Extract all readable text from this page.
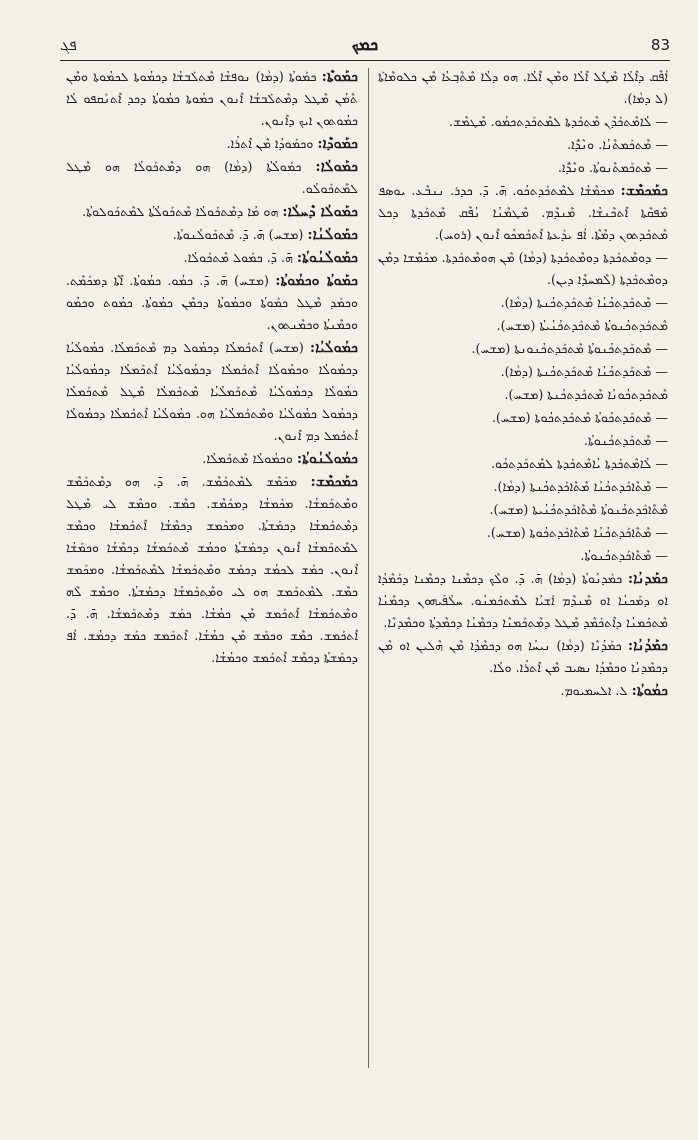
ܦܓ	ܟܡܟ	83
ܐܳܦܶܩ ܕܐܶܠܳܐ ܡܶܛܽܠ ܐܶܠܳܐ ܘܡܶܢ ܐܶܠܳܐ. ܗܘ ܕܠܳܐ ܡܶܬܶܒ݂ܥܳܐ ܡܶܢ ܟܠܘܡܶܐܬܰܐ (ܠ ܕܡܵܐ).
— ܠܳܐܡܶܬܟܰܕܶܢ ܡܶܬܟܰܕܬܐ ܠܡܶܬܟܰܕܬܟܡܳܘ. ܡܶܛܡܶܫ.
— ܡܶܬܟܰܡܬܶܢܳܐ. ܘܢܶܕ̈ܳܐ.
— ܡܶܬܟܰܡܬܶܢܘܬܳܐ. ܘܢܶܕ̈ܳܐ.
ܟܡܰܟܡܶܫ: ܡܟܡܶܫܳܐ ܠܡܶܬܟܰܕܬܟܳܘ. ܗ̄. ܕ̄. ܟܕܪ. ܢܢܒܶܥ. ܝܘܣܦ ܡܶܦܩܶܬܐ ܐܶܬܟܶܢܫܳܐ. ܡܶܢܕܶܡ. ܡܶܛܡܶܢܳܐ ܢܳܦܶܩ ܡܶܬܟܰܕܬܐ ܕܟܠ ܡܶܬܟܰܕܬܘܢ ܕܡܶܬܶܐ. ܐܳܦ ܝܕܰܥܬܐ ܐܶܬܟܰܡܟܳܘ ܐܶܢܘܢ (ܪܘܚ).
— ܕܘܡܶܬܟܰܕܬܐ ܕܘܡܶܬܟܰܕܬܐ (ܕܡܵܐ) ܡܶܢ ܗܘܡܶܬܟܰܕܬܐ. ܡܟܰܡܶܫܐ ܕܡܶܢ ܕܘܡܶܬܟܰܕܬܐ (ܠܶܡܚܕܶܐ ܕܝܢ).
— ܡܶܬܟܰܕܬܟܳܢܳܐ ܡܶܬܟܰܕܬܟܳܢܬܐ (ܕܡܵܐ).
ܡܶܬܟܰܕܬܟܳܢܘܬܳܐ ܡܶܬܟܰܕܬܟܳܢܳܝܬܳܐ (ܡܫܚ).
— ܡܶܬܟܰܕܬܟܳܢܘܬܳܐ ܡܶܬܟܰܕܬܟܳܢܘܢܬܐ (ܡܫܚ).
— ܡܶܬܟܰܕܬܟܳܢܳܐ ܡܶܬܟܰܕܬܟܳܢܬܐ (ܕܡܵܐ).
ܡܶܬܟܰܕܬܟܳܘܢܳܐ ܡܶܬܟܰܕܬܟܳܢܬܐ (ܡܫܚ).
— ܡܶܬܟܰܕܬܟܳܘܬܳܐ ܡܶܬܟܰܕܬܟܳܘܬܐ (ܡܫܚ).
— ܡܶܬܟܰܕܬܟܳܢܘܬܳܐ.
— ܠܳܐܡܶܬܟܰܕܬܐ ܝܳܐܡܶܬܟܰܕܬܐ ܠܡܶܬܟܰܕܬܟܳܘ.
— ܡܶܬܶܐܟܰܕܬܟܳܢܳܐ ܡܶܬܶܐܟܰܕܬܟܳܢܬܐ (ܕܡܵܐ).
ܡܶܬܶܐܟܰܕܬܟܳܢܘܬܳܐ ܡܶܬܶܐܟܰܕܬܟܳܢܳܝܬܐ (ܡܫܚ).
— ܡܶܬܶܐܟܰܕܬܟܳܢܳܐ ܡܶܬܶܐܟܰܕܬܟܳܘܬܐ (ܡܫܚ).
— ܡܶܬܶܐܟܰܕܬܟܳܢܘܬܳܐ.
ܟܡܰܕܢܳܐ: ܟܡܰܕܢܳܘܬܳܐ (ܕܡܵܐ) ܗ̄. ܕ̄. ܘܠܶܟ ܕܟܡܶܢܐ ܕܟܡܶܢܐ ܕܟܰܡܶܕܳܐ ܐܘ ܕܡܰܟܢܳܐ ܐܘ ܡܶܢܕܶܡ ܐܰܫܝܳܐ ܠܡܶܬܟܰܡܢܳܘ. ܚܠܳܦܰܝܗܘܢ ܕܟܡܶܢܳܐ ܡܶܬܟܰܡܢܳܐ ܕܐܶܬܟܰܡܶܕ ܡܶܛܠ ܕܡܶܬܟܰܡܢܶܐ ܕܟܡܶܢܳܐ ܕܟܡܶܕܬܳܐ ܘܟܡܶܕܢܶܐ.
ܟܡܰܕܳܢܳܐ: ܟܡܰܕܳܢܶܐ (ܕܡܵܐ) ܢܝܚܳܐ ܗܘ ܕܟܡܶܕܳܐ ܡܶܢ ܗܶܠܝܢ ܐܘ ܡܶܢ ܕܟܡܶܕܢܳܐ ܘܟܡܶܕܳܐ ܢܣܝܒ ܡܶܢ ܐܶܬܪܳܐ. ܘܠܳܐ.
ܟܡܳܘܬܳܐ: ܠ. ܐܠܚܡܝܘܡ.
ܟܡܰܘܬܶܐ: ܟܡܰܘܬܳܐ (ܕܡܵܐ) ܢܘܦܫܳܐ ܡܶܬܠܰܒܫܳܐ ܕܟܡܳܘܬܐ ܠܟܡܳܘܬܐ ܘܡܶܢ ܬܶܡܳܢ ܡܶܛܠ ܕܡܶܬܠܰܒܫܳܐ ܐܶܢܘܢ ܟܡܳܘܬܐ ܟܡܳܘܬܳܐ ܕܟܕ ܐܶܬܢܰܩܦܘ ܠܳܐ ܟܡܳܘܬܘܢ ܐܝܟ ܕܐܶܢܘܢ.
ܟܡܰܘܕܶܐ: ܘܟܡܰܘܕܳܐ ܡܶܢ ܐܶܬܪܳܐ.
ܟܡܰܘܠܳܐ: ܟܡܰܘܠܳܬܳܐ (ܕܡܵܐ) ܗܘ ܕܡܶܬܟܰܘܠܳܐ ܗܘ ܡܶܛܠ ܠܡܶܬܟܰܘܠܳܘ.
ܟܡܰܘܠܳܐ ܕܶܚܠܳܐ: ܗܘ ܡܳܐ ܕܡܶܬܟܰܘܠܳܐ ܡܶܬܟܰܘܠܳܬܳܐ ܠܡܶܬܟܰܘܠܘܬܳܐ.
ܟܡܰܘܠܳܢܳܐ: (ܡܫܚ) ܗ̄. ܕ̄. ܡܶܬܟܰܘܠܳܢܘܬܳܐ.
ܟܡܰܘܠܳܢܳܘܬܳܐ: ܗ̄. ܕ̄. ܟܡܰܘܠ ܡܶܬܟܰܘܠܳܐ.
ܟܡܰܘܬܳܐ ܘܟܡܳܘܬܳܐ: (ܡܫܚ) ܗ̄. ܕ̄. ܟܡܳܘ. ܟܡܳܘܬܳܐ. ܐܶܬܶܐ ܕܡܟܰܡܶܬ. ܘܟܡܰܕ ܡܶܛܠ ܟܡܰܘܬܳܐ ܘܟܡܳܘܬܳܐ ܕܟܡܶܢ ܟܡܳܘܬܳܐ. ܟܡܳܘܬ ܘܟܡܳܘ ܘܟܡܶܢܬܳܐ ܘܟܡܶܢܬܘܢ.
ܟܡܳܘܠܳܝܳܐ: (ܡܫܚ) ܐܶܬܟܰܡܠܳܐ ܕܟܡܳܘܠ ܕܡ ܡܶܬܟܰܡܠܳܐ. ܟܡܳܘܠܳܝܳܐ ܕܟܡܳܘܠܳܐ ܘܟܡܳܘܠܳܐ ܐܶܬܟܰܡܠܳܐ ܕܟܡܳܘܠܳܝܳܐ ܐܶܬܟܰܡܠܳܐ ܕܟܡܳܘܠܳܝܳܐ ܟܡܳܘܠܳܐ ܕܟܡܳܘܠܳܝܳܐ ܡܶܬܟܰܡܠܳܝܳܐ ܡܶܬܟܰܡܠܳܐ ܡܶܛܠ ܡܶܬܟܰܡܠܳܐ ܕܟܡܳܘܠ ܟܡܳܘܠܳܝܳܐ ܘܡܶܬܟܰܡܠܳܝܳܐ ܗܘ. ܟܡܳܘܠܳܝܳܐ ܐܶܬܟܰܡܠܳܐ ܕܟܡܳܘܠܳܐ ܐܶܬܟܰܡܠ ܕܡ ܐܶܢܘܢ.
ܟܡܳܘܠܳܢܳܘܬܳܐ: ܘܟܡܳܘܠܳܐ ܡܶܬܟܰܡܠܳܐ.
ܟܡܰܟܡܶܫ: ܡܟܰܡܶܫ ܠܡܶܬܟܰܡܶܫ. ܗ̄. ܕ̄. ܗܘ ܕܡܶܬܟܰܡܶܫ ܘܡܶܬܟܰܡܫܳܐ. ܡܟܰܡܫܳܐ ܕܡܟܰܡܶܫ. ܟܡܶܫ. ܘܟܡܶܫ ܠܝ ܡܶܛܠ ܕܡܶܬܟܰܡܫܳܐ ܕܟܡܰܫܬܳܐ. ܘܡܟܰܡܫ ܕܟܡܶܫܳܐ ܐܶܬܟܰܡܫܳܐ ܘܟܡܶܫ ܠܡܶܬܟܰܡܫܳܐ ܐܶܢܘܢ ܕܟܡܰܫܬܳܐ ܘܟܡܳܫ ܡܶܬܟܰܡܫܳܐ ܕܟܡܶܫܳܐ ܘܟܡܰܫܳܐ ܐܶܢܘܢ. ܟܡܰܫ ܠܟܡܳܫ ܕܟܡܰܫ ܘܡܶܬܟܰܡܫܳܐ ܠܡܶܬܟܰܡܫܳܐ. ܘܡܟܰܡܫ ܟܡܶܫ. ܠܡܶܬܟܰܡܫ ܗܘ ܠܝ ܘܡܶܬܟܰܡܫܳܐ ܕܟܡܰܫܬܳܐ. ܘܟܡܶܫ ܠܶܗ ܘܡܶܬܟܰܡܫܳܐ ܐܶܬܟܰܡܫ ܡܶܢ ܟܡܳܫܳܐ. ܟܡܰܫ ܕܡܶܬܟܰܡܫܳܐ. ܗ̄. ܕ̄. ܐܶܬܟܰܡܫ. ܟܡܶܫ ܘܟܡܰܫ ܡܶܢ ܟܡܳܫܳܐ. ܐܶܬܟܰܡܫ ܟܡܰܫ ܕܟܡܳܫ. ܐܳܦ ܕܟܡܰܫܬܳܐ ܕܟܡܶܫ ܐܶܬܟܰܡܫ ܘܟܡܳܫܳܐ.
